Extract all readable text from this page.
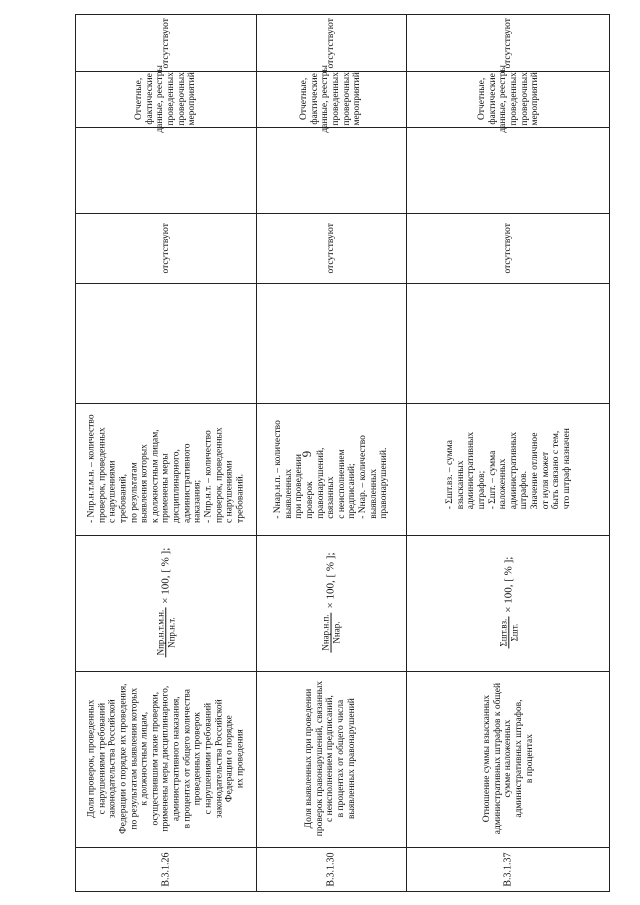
6
В.3.1.26
Доля проверок, проведенных
с нарушениями требований
законодательства Российской
Федерации о порядке их проведения,
по результатам выявления которых
к должностным лицам,
осуществившим такие проверки,
применены меры дисциплинарного,
административного наказания,
в процентах от общего количества
проведенных проверок
с нарушениями требований
законодательства Российской
Федерации о порядке
их проведения
Nпр.н.т.м.н. Nпр.н.т.
× 100, [ % ];
- Nпр.н.т.м.н. – количество
проверок, проведенных
с нарушениями
требований,
по результатам
выявления которых
к должностным лицам,
применены меры
дисциплинарного,
административного
наказания;
- Nпр.н.т. – количество
проверок, проведенных
с нарушениями
требований.
отсутствуют
Отчетные,
фактические
данные, реестры
проведенных
проверочных
мероприятий
отсутствуют
В.3.1.30
Доля выявленных при проведении
проверок правонарушений, связанных
с неисполнением предписаний,
в процентах от общего числа
выявленных правонарушений
Nнар.н.п. Nнар.
× 100, [ % ];
- Nнар.н.п. – количество
выявленных
при проведении
проверок
правонарушений,
связанных
с неисполнением
предписаний;
- Nнар. – количество
выявленных
правонарушений.
отсутствуют
Отчетные,
фактические
данные, реестры
проведенных
проверочных
мероприятий
отсутствуют
В.3.1.37
Отношение суммы взысканных
административных штрафов к общей
сумме наложенных
административных штрафов,
в процентах
Σшт.вз. Σшт.
× 100, [ % ];
- Σшт.вз. – сумма
взысканных
административных
штрафов;
- Σшт. – сумма
наложенных
административных
штрафов.
Значение отличное
от нуля может
быть связано с тем,
что штраф назначен
отсутствуют
Отчетные,
фактические
данные, реестры
проведенных
проверочных
мероприятий
отсутствуют
